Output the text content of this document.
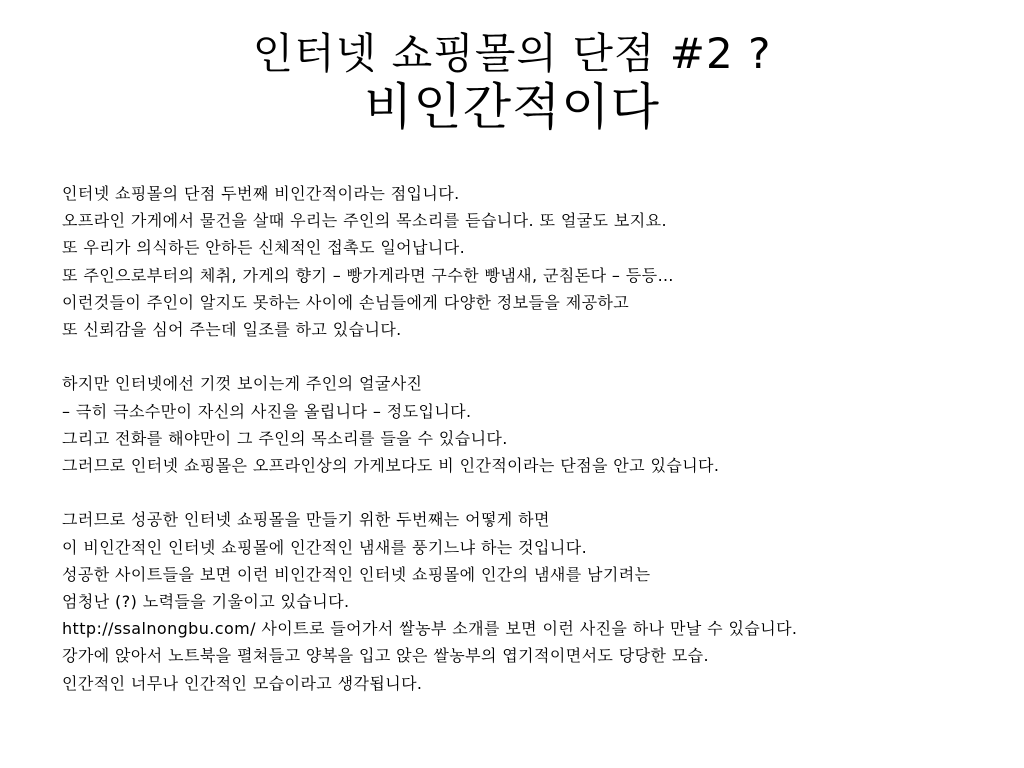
인터넷 쇼핑몰의 단점 #2 ?
비인간적이다
인터넷 쇼핑몰의 단점 두번째 비인간적이라는 점입니다.
오프라인 가게에서 물건을 살때 우리는 주인의 목소리를 듣습니다. 또 얼굴도 보지요.
또 우리가 의식하든 안하든 신체적인 접촉도 일어납니다.
또 주인으로부터의 체취, 가게의 향기 – 빵가게라면 구수한 빵냄새, 군침돈다 – 등등…
이런것들이 주인이 알지도 못하는 사이에 손님들에게 다양한 정보들을 제공하고
또 신뢰감을 심어 주는데 일조를 하고 있습니다.
하지만 인터넷에선 기껏 보이는게 주인의 얼굴사진
– 극히 극소수만이 자신의 사진을 올립니다 – 정도입니다.
그리고 전화를 해야만이 그 주인의 목소리를 들을 수 있습니다.
그러므로 인터넷 쇼핑몰은 오프라인상의 가게보다도 비 인간적이라는 단점을 안고 있습니다.
그러므로 성공한 인터넷 쇼핑몰을 만들기 위한 두번째는 어떻게 하면
이 비인간적인 인터넷 쇼핑몰에 인간적인 냄새를 풍기느냐 하는 것입니다.
성공한 사이트들을 보면 이런 비인간적인 인터넷 쇼핑몰에 인간의 냄새를 남기려는
엄청난 (?) 노력들을 기울이고 있습니다.
http://ssalnongbu.com/ 사이트로 들어가서 쌀농부 소개를 보면 이런 사진을 하나 만날 수 있습니다.
강가에 앉아서 노트북을 펼쳐들고 양복을 입고 앉은 쌀농부의 엽기적이면서도 당당한 모습.
인간적인 너무나 인간적인 모습이라고 생각됩니다.
